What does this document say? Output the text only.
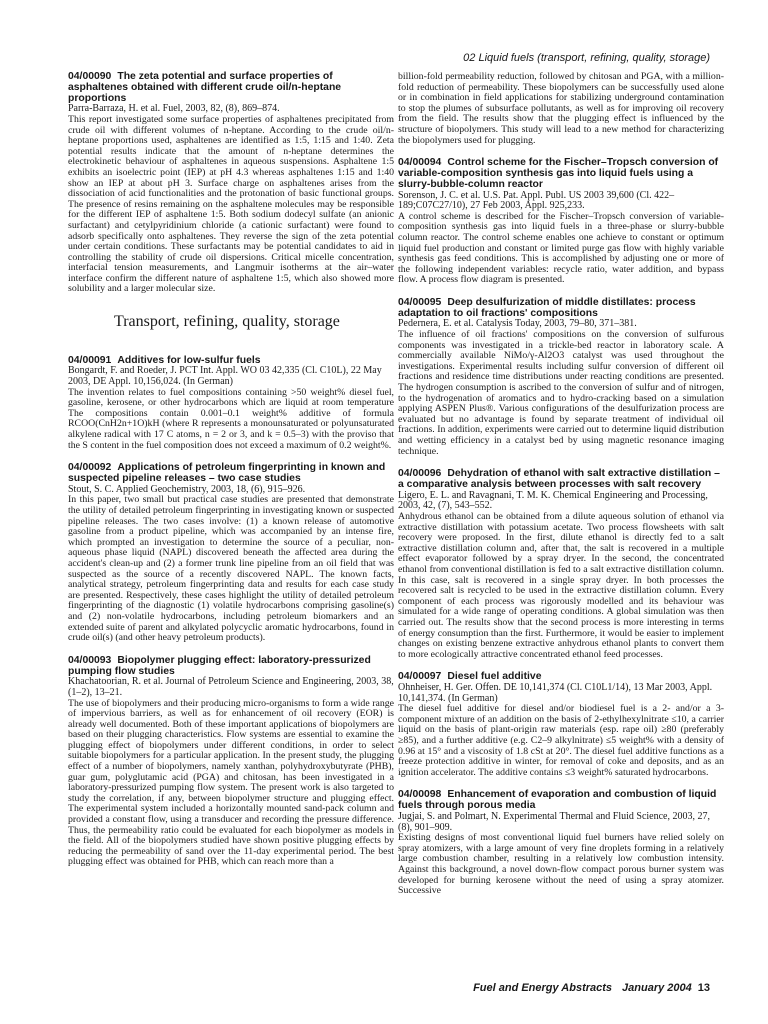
02 Liquid fuels (transport, refining, quality, storage)

04/00090 The zeta potential and surface properties of asphaltenes obtained with different crude oil/n-heptane proportions

Parra-Barraza, H. et al. Fuel, 2003, 82, (8), 869–874.

This report investigated some surface properties of asphaltenes precipitated from crude oil with different volumes of n-heptane. According to the crude oil/n-heptane proportions used, asphaltenes are identified as 1:5, 1:15 and 1:40. Zeta potential results indicate that the amount of n-heptane determines the electrokinetic behaviour of asphaltenes in aqueous suspensions. Asphaltene 1:5 exhibits an isoelectric point (IEP) at pH 4.3 whereas asphaltenes 1:15 and 1:40 show an IEP at about pH 3. Surface charge on asphaltenes arises from the dissociation of acid functionalities and the protonation of basic functional groups. The presence of resins remaining on the asphaltene molecules may be responsible for the different IEP of asphaltene 1:5. Both sodium dodecyl sulfate (an anionic surfactant) and cetylpyridinium chloride (a cationic surfactant) were found to adsorb specifically onto asphaltenes. They reverse the sign of the zeta potential under certain conditions. These surfactants may be potential candidates to aid in controlling the stability of crude oil dispersions. Critical micelle concentration, interfacial tension measurements, and Langmuir isotherms at the air–water interface confirm the different nature of asphaltene 1:5, which also showed more solubility and a larger molecular size.

Transport, refining, quality, storage

04/00091 Additives for low-sulfur fuels

Bongardt, F. and Roeder, J. PCT Int. Appl. WO 03 42,335 (Cl. C10L), 22 May 2003, DE Appl. 10,156,024. (In German)

The invention relates to fuel compositions containing >50 weight% diesel fuel, gasoline, kerosene, or other hydrocarbons which are liquid at room temperature The compositions contain 0.001–0.1 weight% additive of formula RCOO(CnH2n+1O)kH (where R represents a monounsaturated or polyunsaturated alkylene radical with 17 C atoms, n = 2 or 3, and k = 0.5–3) with the proviso that the S content in the fuel composition does not exceed a maximum of 0.2 weight%.

04/00092 Applications of petroleum fingerprinting in known and suspected pipeline releases – two case studies

Stout, S. C. Applied Geochemistry, 2003, 18, (6), 915–926.

In this paper, two small but practical case studies are presented that demonstrate the utility of detailed petroleum fingerprinting in investigating known or suspected pipeline releases. The two cases involve: (1) a known release of automotive gasoline from a product pipeline, which was accompanied by an intense fire, which prompted an investigation to determine the source of a peculiar, non-aqueous phase liquid (NAPL) discovered beneath the affected area during the accident's clean-up and (2) a former trunk line pipeline from an oil field that was suspected as the source of a recently discovered NAPL. The known facts, analytical strategy, petroleum fingerprinting data and results for each case study are presented. Respectively, these cases highlight the utility of detailed petroleum fingerprinting of the diagnostic (1) volatile hydrocarbons comprising gasoline(s) and (2) non-volatile hydrocarbons, including petroleum biomarkers and an extended suite of parent and alkylated polycyclic aromatic hydrocarbons, found in crude oil(s) (and other heavy petroleum products).

04/00093 Biopolymer plugging effect: laboratory-pressurized pumping flow studies

Khachatoorian, R. et al. Journal of Petroleum Science and Engineering, 2003, 38, (1–2), 13–21.

The use of biopolymers and their producing micro-organisms to form a wide range of impervious barriers, as well as for enhancement of oil recovery (EOR) is already well documented. Both of these important applications of biopolymers are based on their plugging characteristics. Flow systems are essential to examine the plugging effect of biopolymers under different conditions, in order to select suitable biopolymers for a particular application. In the present study, the plugging effect of a number of biopolymers, namely xanthan, polyhydroxybutyrate (PHB), guar gum, polyglutamic acid (PGA) and chitosan, has been investigated in a laboratory-pressurized pumping flow system. The present work is also targeted to study the correlation, if any, between biopolymer structure and plugging effect. The experimental system included a horizontally mounted sand-pack column and provided a constant flow, using a transducer and recording the pressure difference. Thus, the permeability ratio could be evaluated for each biopolymer as models in the field. All of the biopolymers studied have shown positive plugging effects by reducing the permeability of sand over the 11-day experimental period. The best plugging effect was obtained for PHB, which can reach more than a

billion-fold permeability reduction, followed by chitosan and PGA, with a million-fold reduction of permeability. These biopolymers can be successfully used alone or in combination in field applications for stabilizing underground contamination to stop the plumes of subsurface pollutants, as well as for improving oil recovery from the field. The results show that the plugging effect is influenced by the structure of biopolymers. This study will lead to a new method for characterizing the biopolymers used for plugging.

04/00094 Control scheme for the Fischer–Tropsch conversion of variable-composition synthesis gas into liquid fuels using a slurry-bubble-column reactor

Sorenson, J. C. et al. U.S. Pat. Appl. Publ. US 2003 39,600 (Cl. 422–189;C07C27/10), 27 Feb 2003, Appl. 925,233.

A control scheme is described for the Fischer–Tropsch conversion of variable-composition synthesis gas into liquid fuels in a three-phase or slurry-bubble column reactor. The control scheme enables one achieve to constant or optimum liquid fuel production and constant or limited purge gas flow with highly variable synthesis gas feed conditions. This is accomplished by adjusting one or more of the following independent variables: recycle ratio, water addition, and bypass flow. A process flow diagram is presented.

04/00095 Deep desulfurization of middle distillates: process adaptation to oil fractions' compositions

Pedernera, E. et al. Catalysis Today, 2003, 79–80, 371–381.

The influence of oil fractions' compositions on the conversion of sulfurous components was investigated in a trickle-bed reactor in laboratory scale. A commercially available NiMo/γ-Al2O3 catalyst was used throughout the investigations. Experimental results including sulfur conversion of different oil fractions and residence time distributions under reacting conditions are presented. The hydrogen consumption is ascribed to the conversion of sulfur and of nitrogen, to the hydrogenation of aromatics and to hydro-cracking based on a simulation applying ASPEN Plus®. Various configurations of the desulfurization process are evaluated but no advantage is found by separate treatment of individual oil fractions. In addition, experiments were carried out to determine liquid distribution and wetting efficiency in a catalyst bed by using magnetic resonance imaging technique.

04/00096 Dehydration of ethanol with salt extractive distillation – a comparative analysis between processes with salt recovery

Ligero, E. L. and Ravagnani, T. M. K. Chemical Engineering and Processing, 2003, 42, (7), 543–552.

Anhydrous ethanol can be obtained from a dilute aqueous solution of ethanol via extractive distillation with potassium acetate. Two process flowsheets with salt recovery were proposed. In the first, dilute ethanol is directly fed to a salt extractive distillation column and, after that, the salt is recovered in a multiple effect evaporator followed by a spray dryer. In the second, the concentrated ethanol from conventional distillation is fed to a salt extractive distillation column. In this case, salt is recovered in a single spray dryer. In both processes the recovered salt is recycled to be used in the extractive distillation column. Every component of each process was rigorously modelled and its behaviour was simulated for a wide range of operating conditions. A global simulation was then carried out. The results show that the second process is more interesting in terms of energy consumption than the first. Furthermore, it would be easier to implement changes on existing benzene extractive anhydrous ethanol plants to convert them to more ecologically attractive concentrated ethanol feed processes.

04/00097 Diesel fuel additive

Ohnheiser, H. Ger. Offen. DE 10,141,374 (Cl. C10L1/14), 13 Mar 2003, Appl. 10,141,374. (In German)

The diesel fuel additive for diesel and/or biodiesel fuel is a 2- and/or a 3-component mixture of an addition on the basis of 2-ethylhexylnitrate ≤10, a carrier liquid on the basis of plant-origin raw materials (esp. rape oil) ≥80 (preferably ≥85), and a further additive (e.g. C2–9 alkylnitrate) ≤5 weight% with a density of 0.96 at 15° and a viscosity of 1.8 cSt at 20°. The diesel fuel additive functions as a freeze protection additive in winter, for removal of coke and deposits, and as an ignition accelerator. The additive contains ≤3 weight% saturated hydrocarbons.

04/00098 Enhancement of evaporation and combustion of liquid fuels through porous media

Jugjai, S. and Polmart, N. Experimental Thermal and Fluid Science, 2003, 27, (8), 901–909.

Existing designs of most conventional liquid fuel burners have relied solely on spray atomizers, with a large amount of very fine droplets forming in a relatively large combustion chamber, resulting in a relatively low combustion intensity. Against this background, a novel down-flow compact porous burner system was developed for burning kerosene without the need of using a spray atomizer. Successive

Fuel and Energy Abstracts January 2004 13
